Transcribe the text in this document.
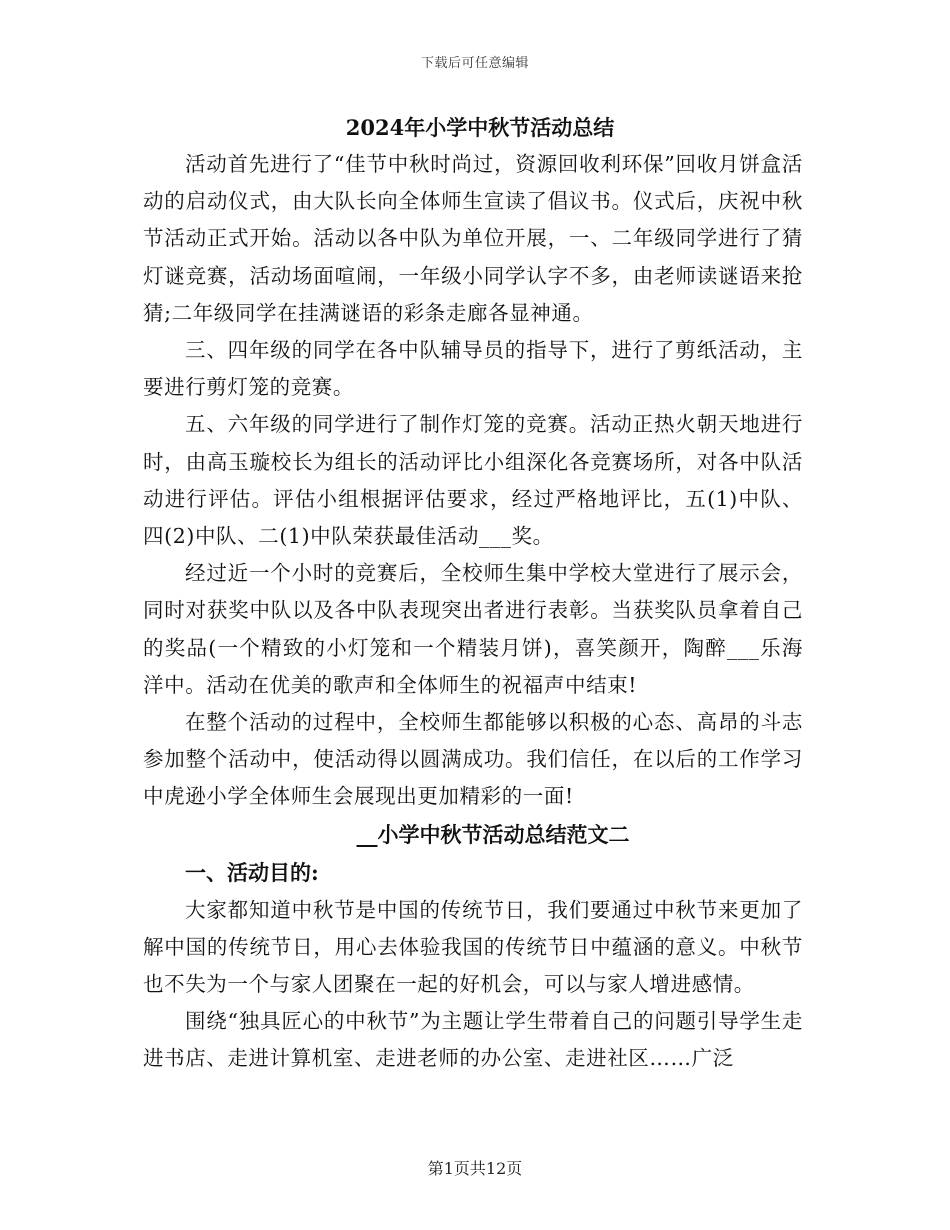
下载后可任意编辑

2024年小学中秋节活动总结

活动首先进行了“佳节中秋时尚过，资源回收利环保”回收月饼盒活动的启动仪式，由大队长向全体师生宣读了倡议书。仪式后，庆祝中秋节活动正式开始。活动以各中队为单位开展，一、二年级同学进行了猜灯谜竞赛，活动场面喧闹，一年级小同学认字不多，由老师读谜语来抢猜;二年级同学在挂满谜语的彩条走廊各显神通。

三、四年级的同学在各中队辅导员的指导下，进行了剪纸活动，主要进行剪灯笼的竞赛。

五、六年级的同学进行了制作灯笼的竞赛。活动正热火朝天地进行时，由高玉璇校长为组长的活动评比小组深化各竞赛场所，对各中队活动进行评估。评估小组根据评估要求，经过严格地评比，五(1)中队、四(2)中队、二(1)中队荣获最佳活动___奖。

经过近一个小时的竞赛后，全校师生集中学校大堂进行了展示会，同时对获奖中队以及各中队表现突出者进行表彰。当获奖队员拿着自己的奖品(一个精致的小灯笼和一个精装月饼)，喜笑颜开，陶醉___乐海洋中。活动在优美的歌声和全体师生的祝福声中结束!

在整个活动的过程中，全校师生都能够以积极的心态、高昂的斗志参加整个活动中，使活动得以圆满成功。我们信任，在以后的工作学习中虎逊小学全体师生会展现出更加精彩的一面!

__小学中秋节活动总结范文二

一、活动目的:

大家都知道中秋节是中国的传统节日，我们要通过中秋节来更加了解中国的传统节日，用心去体验我国的传统节日中蕴涵的意义。中秋节也不失为一个与家人团聚在一起的好机会，可以与家人增进感情。

围绕“独具匠心的中秋节”为主题让学生带着自己的问题引导学生走进书店、走进计算机室、走进老师的办公室、走进社区……广泛

第1页共12页
